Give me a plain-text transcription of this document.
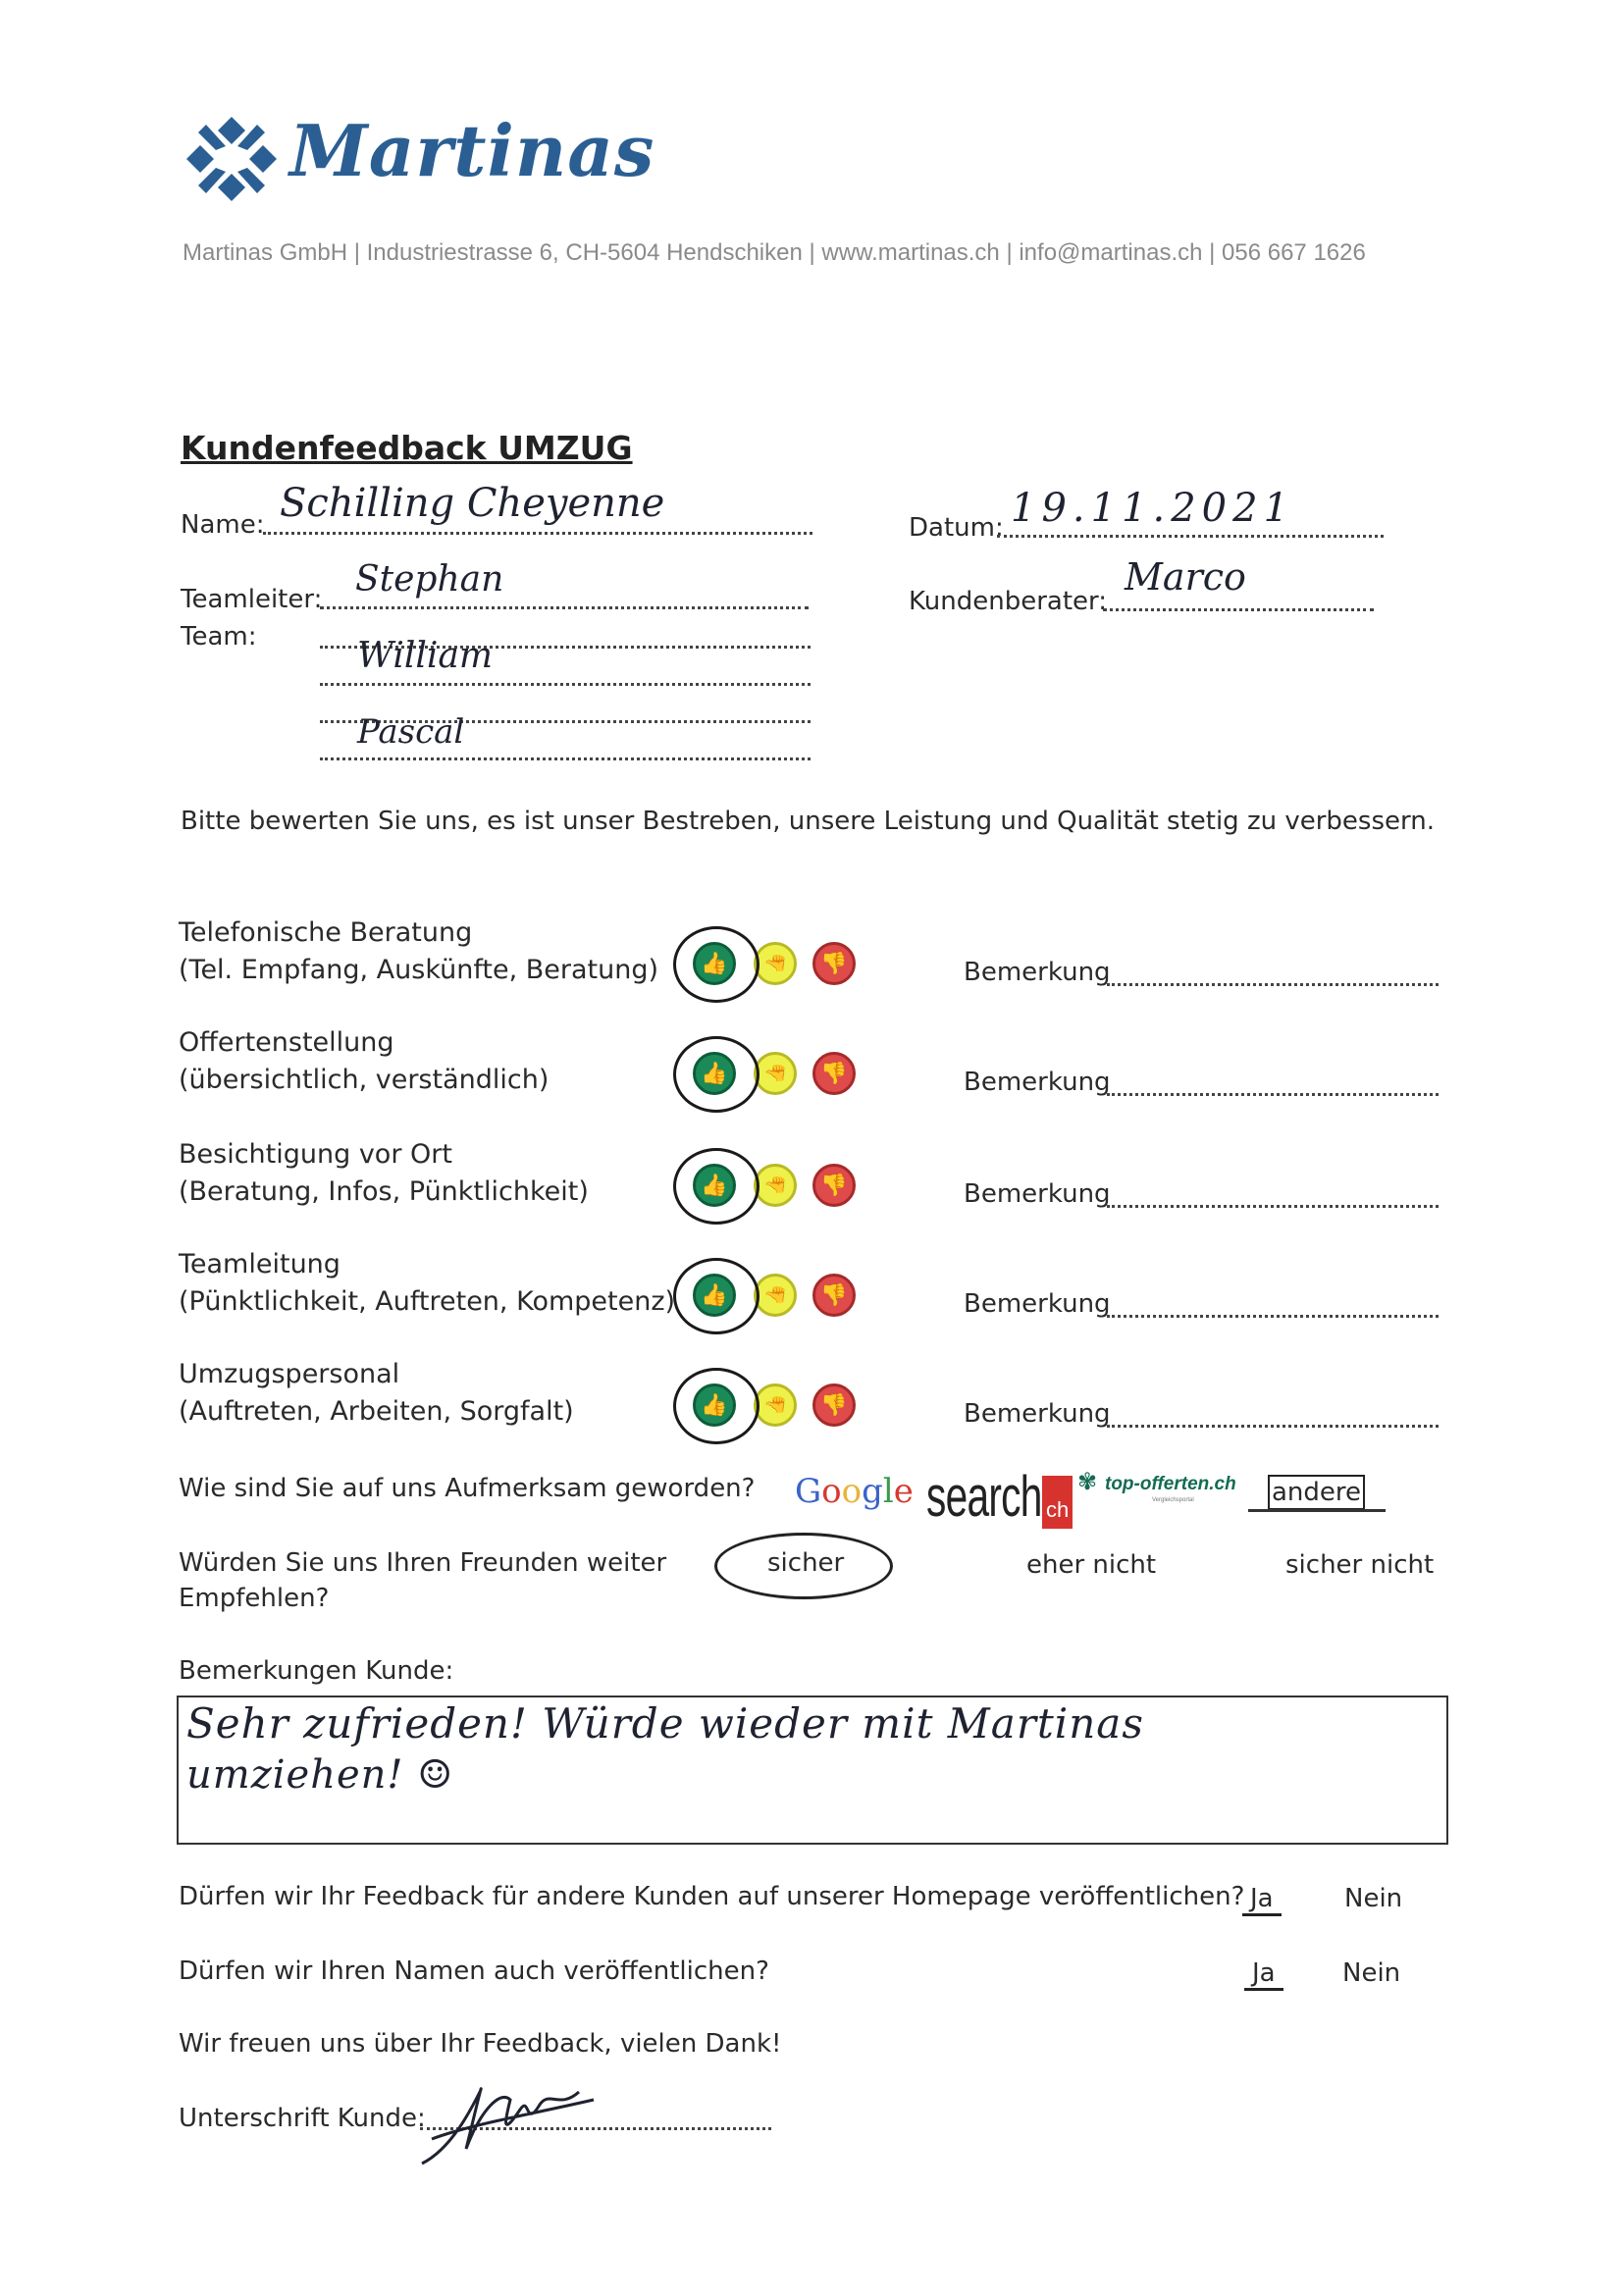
Martinas
Martinas GmbH | Industriestrasse 6, CH-5604 Hendschiken | www.martinas.ch | info@martinas.ch | 056 667 1626
Kundenfeedback UMZUG
Name: Schilling Cheyenne
Datum: 19.11.2021
Teamleiter: Stephan
Kundenberater:
Marco
Team:	William
Pascal
Bitte bewerten Sie uns, es ist unser Bestreben, unsere Leistung und Qualität stetig zu verbessern.
Telefonische Beratung
(Tel. Empfang, Auskünfte, Beratung) 👍 👍 👎	Bemerkung
Offertenstellung
(übersichtlich, verständlich)	👍 👍 👎	Bemerkung
Besichtigung vor Ort
(Beratung, Infos, Pünktlichkeit)	👍 👍 👎	Bemerkung
Teamleitung
(Pünktlichkeit, Auftreten, Kompetenz) 👍 👍 👎	Bemerkung
Umzugspersonal
(Auftreten, Arbeiten, Sorgfalt)	👍 👍 👎	Bemerkung
Wie sind Sie auf uns Aufmerksam geworden? Google search ch
✾ top-offerten.ch
Vergleichsportal	andere
Würden Sie uns Ihren Freunden weiter
Empfehlen?
sicher	eher nicht	sicher nicht
Bemerkungen Kunde:
Sehr zufrieden! Würde wieder mit Martinas
umziehen! ☺
Dürfen wir Ihr Feedback für andere Kunden auf unserer Homepage veröffentlichen? Ja	Nein
Dürfen wir Ihren Namen auch veröffentlichen?	Ja	Nein
Wir freuen uns über Ihr Feedback, vielen Dank!
Unterschrift Kunde:
